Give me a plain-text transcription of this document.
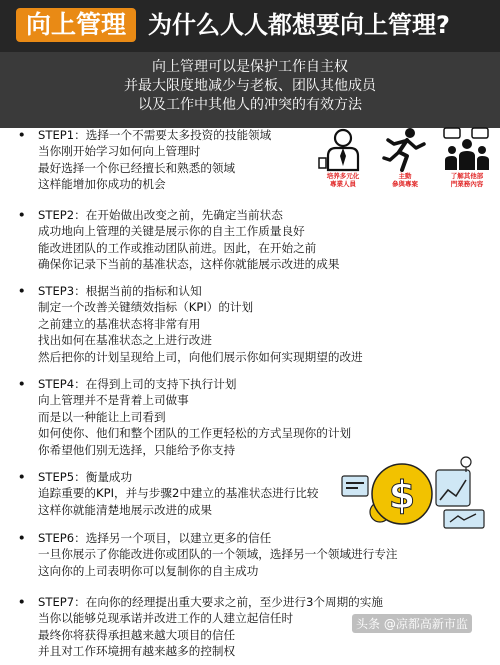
向上管理 为什么人人都想要向上管理?
向上管理可以是保护工作自主权
并最大限度地减少与老板、团队其他成员
以及工作中其他人的冲突的有效方法
培养多元化
專業人員
主動
參與專案
了解其他部
門業務內容
$
• STEP1：选择一个不需要太多投资的技能领域
当你刚开始学习如何向上管理时
最好选择一个你已经擅长和熟悉的领域
这样能增加你成功的机会
• STEP2：在开始做出改变之前，先确定当前状态
成功地向上管理的关键是展示你的自主工作质量良好
能改进团队的工作或推动团队前进。因此，在开始之前
确保你记录下当前的基准状态，这样你就能展示改进的成果
• STEP3：根据当前的指标和认知
制定一个改善关键绩效指标（KPI）的计划
之前建立的基准状态将非常有用
找出如何在基准状态之上进行改进
然后把你的计划呈现给上司，向他们展示你如何实现期望的改进
• STEP4：在得到上司的支持下执行计划
向上管理并不是背着上司做事
而是以一种能让上司看到
如何使你、他们和整个团队的工作更轻松的方式呈现你的计划
你希望他们别无选择，只能给予你支持
• STEP5：衡量成功
追踪重要的KPI，并与步骤2中建立的基准状态进行比较
这样你就能清楚地展示改进的成果
• STEP6：选择另一个项目，以建立更多的信任
一旦你展示了你能改进你或团队的一个领域，选择另一个领域进行专注
这向你的上司表明你可以复制你的自主成功
• STEP7：在向你的经理提出重大要求之前，至少进行3个周期的实施
当你以能够兑现承诺并改进工作的人建立起信任时
最终你将获得承担越来越大项目的信任
并且对工作环境拥有越来越多的控制权
头条 @凉都高新市监
